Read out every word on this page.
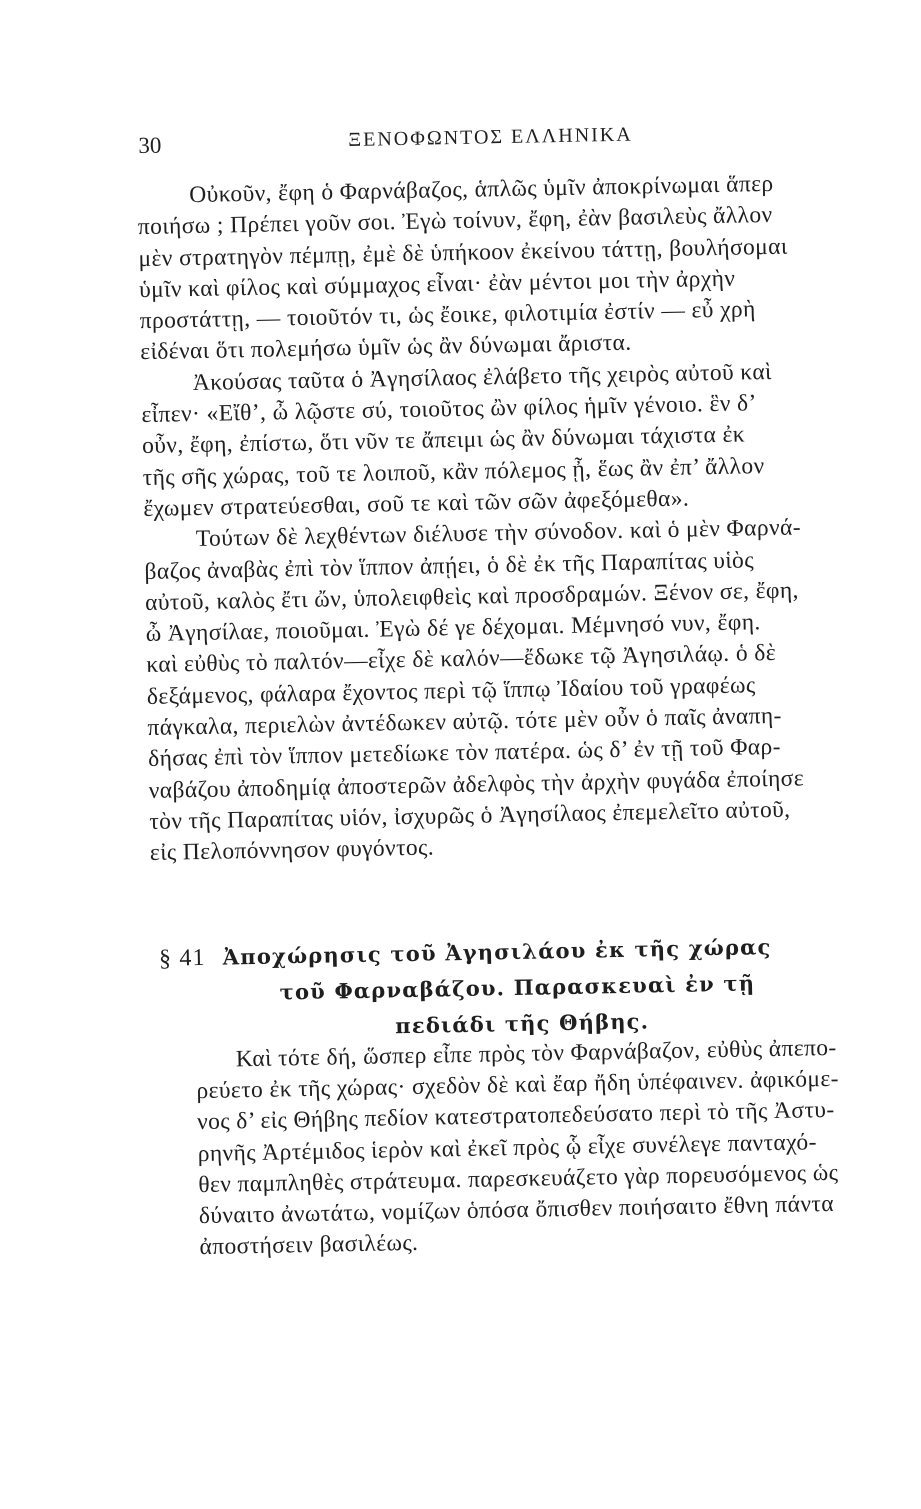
30	ΞΕΝΟΦΩΝΤΟΣ ΕΛΛΗΝΙΚΑ
Οὐκοῦν, ἔφη ὁ Φαρνάβαζος, ἁπλῶς ὑμῖν ἀποκρίνωμαι ἅπερ
ποιήσω ; Πρέπει γοῦν σοι. Ἐγὼ τοίνυν, ἔφη, ἐὰν βασιλεὺς ἄλλον
μὲν στρατηγὸν πέμπῃ, ἐμὲ δὲ ὑπήκοον ἐκείνου τάττῃ, βουλήσομαι
ὑμῖν καὶ φίλος καὶ σύμμαχος εἶναι· ἐὰν μέντοι μοι τὴν ἀρχὴν
προστάττῃ, — τοιοῦτόν τι, ὡς ἔοικε, φιλοτιμία ἐστίν — εὖ χρὴ
εἰδέναι ὅτι πολεμήσω ὑμῖν ὡς ἂν δύνωμαι ἄριστα.
Ἀκούσας ταῦτα ὁ Ἀγησίλαος ἐλάβετο τῆς χειρὸς αὐτοῦ καὶ
εἶπεν· «Εἴθ’, ὦ λῷστε σύ, τοιοῦτος ὢν φίλος ἡμῖν γένοιο. ἓν δ’
οὖν, ἔφη, ἐπίστω, ὅτι νῦν τε ἄπειμι ὡς ἂν δύνωμαι τάχιστα ἐκ
τῆς σῆς χώρας, τοῦ τε λοιποῦ, κἂν πόλεμος ᾖ, ἕως ἂν ἐπ’ ἄλλον
ἔχωμεν στρατεύεσθαι, σοῦ τε καὶ τῶν σῶν ἀφεξόμεθα».
Τούτων δὲ λεχθέντων διέλυσε τὴν σύνοδον. καὶ ὁ μὲν Φαρνά-
βαζος ἀναβὰς ἐπὶ τὸν ἵππον ἀπῄει, ὁ δὲ ἐκ τῆς Παραπίτας υἱὸς
αὐτοῦ, καλὸς ἔτι ὤν, ὑπολειφθεὶς καὶ προσδραμών. Ξένον σε, ἔφη,
ὦ Ἀγησίλαε, ποιοῦμαι. Ἐγὼ δέ γε δέχομαι. Μέμνησό νυν, ἔφη.
καὶ εὐθὺς τὸ παλτόν—εἶχε δὲ καλόν—ἔδωκε τῷ Ἀγησιλάῳ. ὁ δὲ
δεξάμενος, φάλαρα ἔχοντος περὶ τῷ ἵππῳ Ἰδαίου τοῦ γραφέως
πάγκαλα, περιελὼν ἀντέδωκεν αὐτῷ. τότε μὲν οὖν ὁ παῖς ἀναπη-
δήσας ἐπὶ τὸν ἵππον μετεδίωκε τὸν πατέρα. ὡς δ’ ἐν τῇ τοῦ Φαρ-
ναβάζου ἀποδημίᾳ ἀποστερῶν ἀδελφὸς τὴν ἀρχὴν φυγάδα ἐποίησε
τὸν τῆς Παραπίτας υἱόν, ἰσχυρῶς ὁ Ἀγησίλαος ἐπεμελεῖτο αὐτοῦ,
εἰς Πελοπόννησον φυγόντος.
§ 41 Ἀποχώρησις τοῦ Ἀγησιλάου ἐκ τῆς χώρας
τοῦ Φαρναβάζου. Παρασκευαὶ ἐν τῇ
πεδιάδι τῆς Θήβης.
Καὶ τότε δή, ὥσπερ εἶπε πρὸς τὸν Φαρνάβαζον, εὐθὺς ἀπεπο-
ρεύετο ἐκ τῆς χώρας· σχεδὸν δὲ καὶ ἔαρ ἤδη ὑπέφαινεν. ἀφικόμε-
νος δ’ εἰς Θήβης πεδίον κατεστρατοπεδεύσατο περὶ τὸ τῆς Ἀστυ-
ρηνῆς Ἀρτέμιδος ἱερὸν καὶ ἐκεῖ πρὸς ᾧ εἶχε συνέλεγε πανταχό-
θεν παμπληθὲς στράτευμα. παρεσκευάζετο γὰρ πορευσόμενος ὡς
δύναιτο ἀνωτάτω, νομίζων ὁπόσα ὄπισθεν ποιήσαιτο ἔθνη πάντα
ἀποστήσειν βασιλέως.
